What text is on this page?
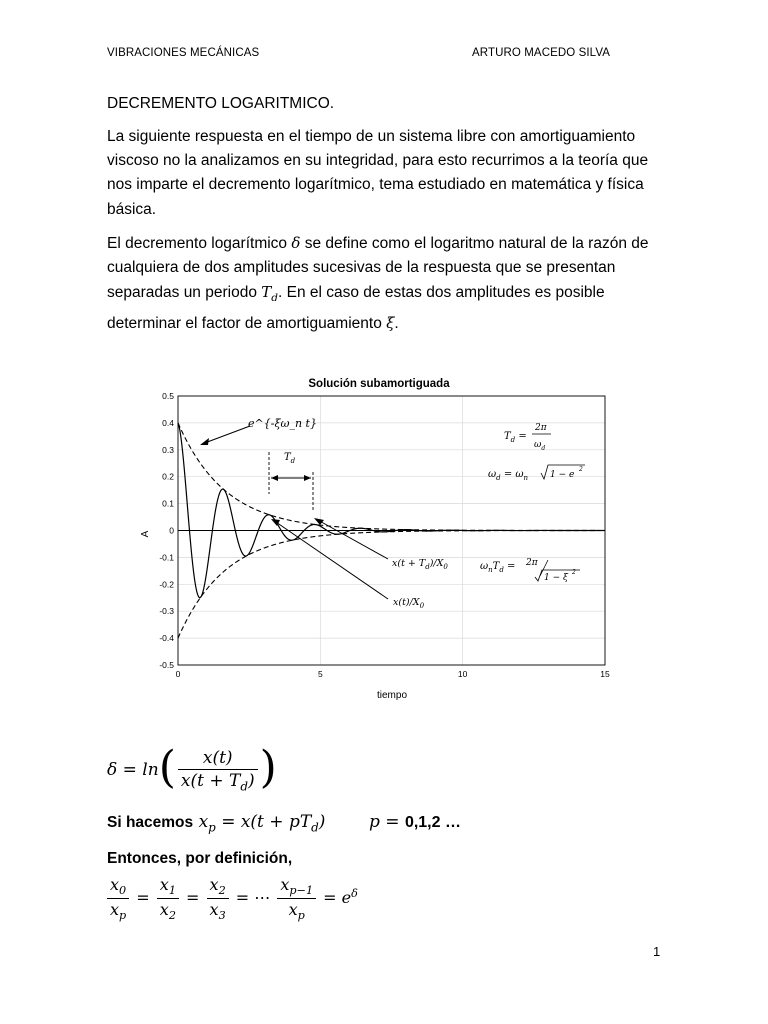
VIBRACIONES MECÁNICAS	ARTURO MACEDO SILVA
DECREMENTO LOGARITMICO.
La siguiente respuesta en el tiempo de un sistema libre con amortiguamiento viscoso no la analizamos en su integridad, para esto recurrimos a la teoría que nos imparte el decremento logarítmico, tema estudiado en matemática y física básica.
El decremento logarítmico δ se define como el logaritmo natural de la razón de cualquiera de dos amplitudes sucesivas de la respuesta que se presentan separadas un periodo $T_d$. En el caso de estas dos amplitudes es posible determinar el factor de amortiguamiento ξ.
Solución subamortiguada
0.5
0.4
0.3
0.2
0.1
0
-0.1
-0.2
-0.3
-0.4
-0.5
0	5	10	15
A
tiempo
e^{-ξω_n t}
$T_d$
$T_d$ =
2π
$\omega_d$
$\omega_d = \omega_n$ 1 − e
2
$\omega_nT_d = 2\pi$
1 − ξ
2
$x(t + T_d)/X_0$
$x(t)/X_0$
$\delta = \ln( \frac{x(t)}{x(t + T_d)}$ )
Si hacemos $x_p = x(t + pT_d)$	p = 0,1,2 …
Entonces, por definición,
$\frac{x_0}{x_p} = \frac{x_1}{x_2} = \frac{x_2}{x_3}$ = ⋯ $\frac{x_{p-1}}{x_p} = e^\delta$
1
